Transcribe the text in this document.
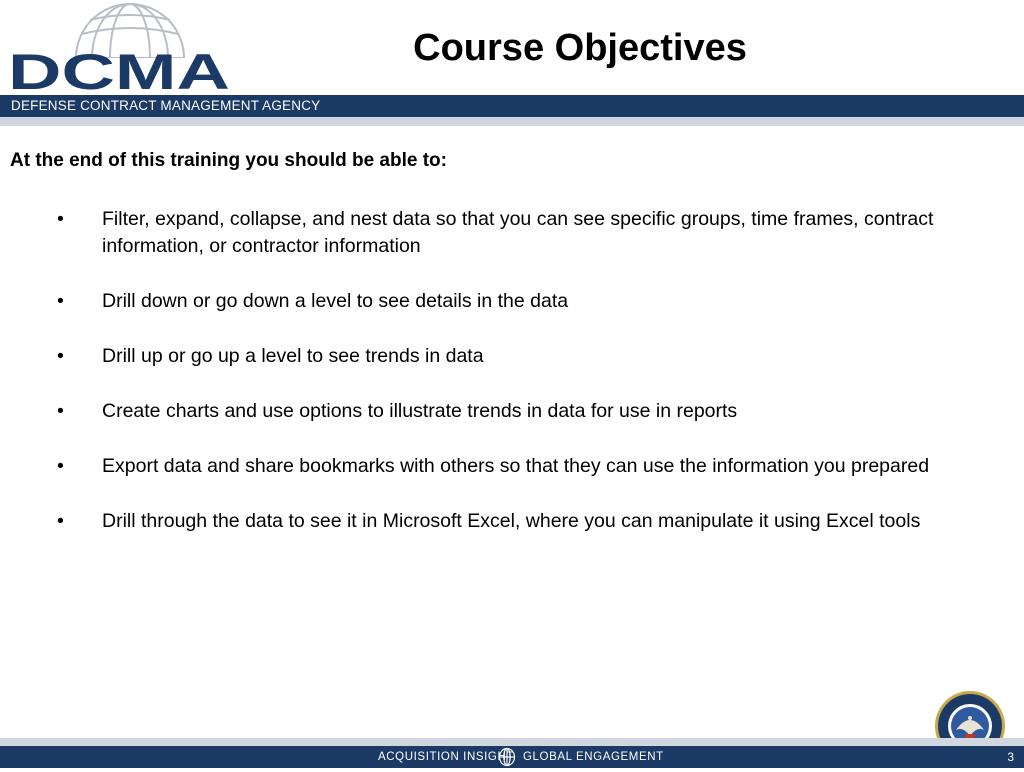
DCMA	Course Objectives
DEFENSE CONTRACT MANAGEMENT AGENCY
At the end of this training you should be able to:
• Filter, expand, collapse, and nest data so that you can see specific groups, time frames, contract information, or contractor information
• Drill down or go down a level to see details in the data
• Drill up or go up a level to see trends in data
• Create charts and use options to illustrate trends in data for use in reports
• Export data and share bookmarks with others so that they can use the information you prepared
• Drill through the data to see it in Microsoft Excel, where you can manipulate it using Excel tools
ACQUISITION INSIGHT GLOBAL ENGAGEMENT	3
